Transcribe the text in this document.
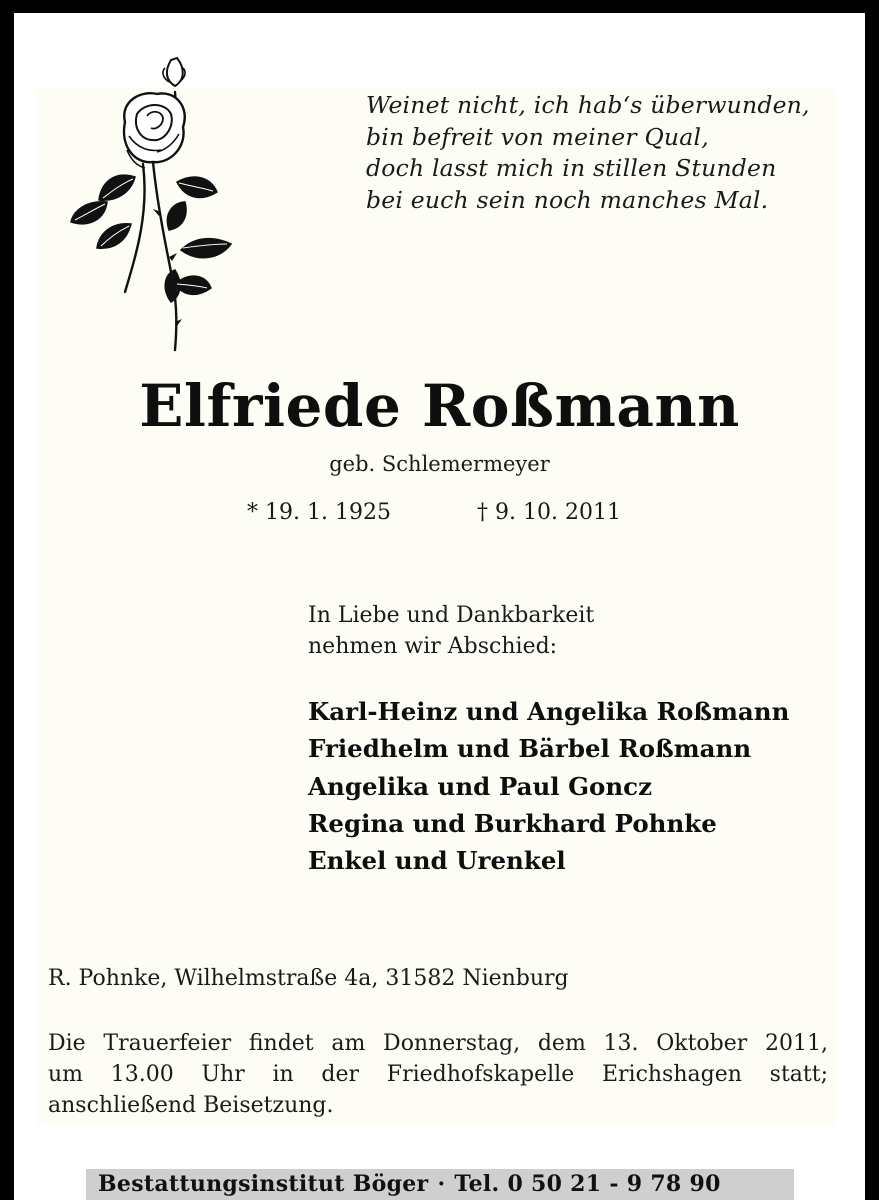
Weinet nicht, ich hab‘s überwunden,
bin befreit von meiner Qual,
doch lasst mich in stillen Stunden
bei euch sein noch manches Mal.
Elfriede Roßmann
geb. Schlemermeyer
* 19. 1. 1925	† 9. 10. 2011
In Liebe und Dankbarkeit
nehmen wir Abschied:
Karl-Heinz und Angelika Roßmann
Friedhelm und Bärbel Roßmann
Angelika und Paul Goncz
Regina und Burkhard Pohnke
Enkel und Urenkel
R. Pohnke, Wilhelmstraße 4a, 31582 Nienburg
Die Trauerfeier findet am Donnerstag, dem 13. Oktober 2011,
um 13.00 Uhr in der Friedhofskapelle Erichshagen statt;
anschließend Beisetzung.
Bestattungsinstitut Böger · Tel. 0 50 21 - 9 78 90
